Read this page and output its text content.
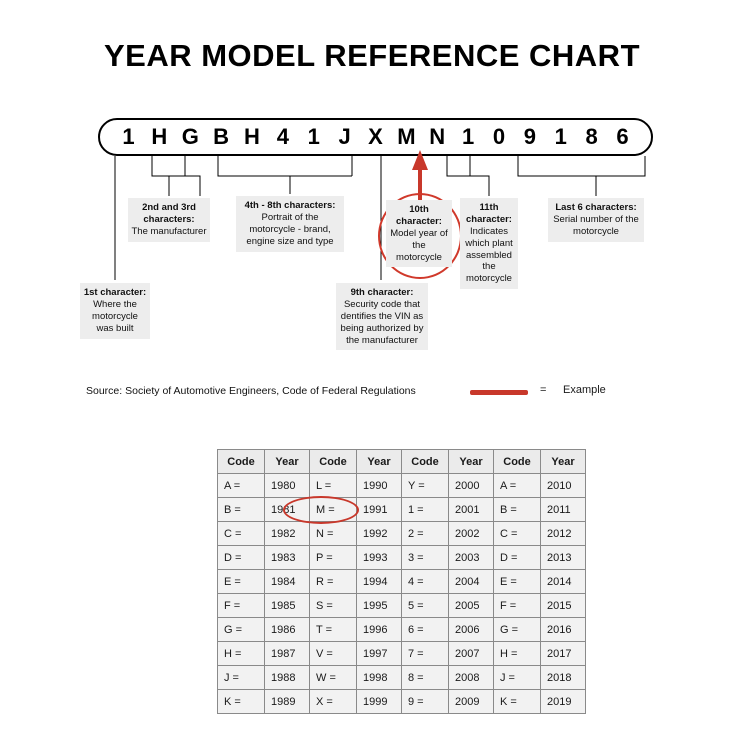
YEAR MODEL REFERENCE CHART
1 H G B H 4 1 J X M N 1 0 9 1 8 6
1st character:
Where the motorcycle was built
2nd and 3rd characters:
The manufacturer
4th - 8th characters:
Portrait of the motorcycle - brand, engine size and type
9th character:
Security code that dentifies the VIN as being authorized by the manufacturer
10th character:
Model year of the motorcycle
11th character:
Indicates which plant assembled the motorcycle
Last 6 characters:
Serial number of the motorcycle
Source: Society of Automotive Engineers, Code of Federal Regulations	= Example
Code	Year	Code	Year	Code	Year	Code	Year
A =	1980	L =	1990	Y =	2000	A =	2010
B =	1981	M =	1991	1 =	2001	B =	2011
C =	1982	N =	1992	2 =	2002	C =	2012
D =	1983	P =	1993	3 =	2003	D =	2013
E =	1984	R =	1994	4 =	2004	E =	2014
F =	1985	S =	1995	5 =	2005	F =	2015
G =	1986	T =	1996	6 =	2006	G =	2016
H =	1987	V =	1997	7 =	2007	H =	2017
J =	1988	W =	1998	8 =	2008	J =	2018
K =	1989	X =	1999	9 =	2009	K =	2019
